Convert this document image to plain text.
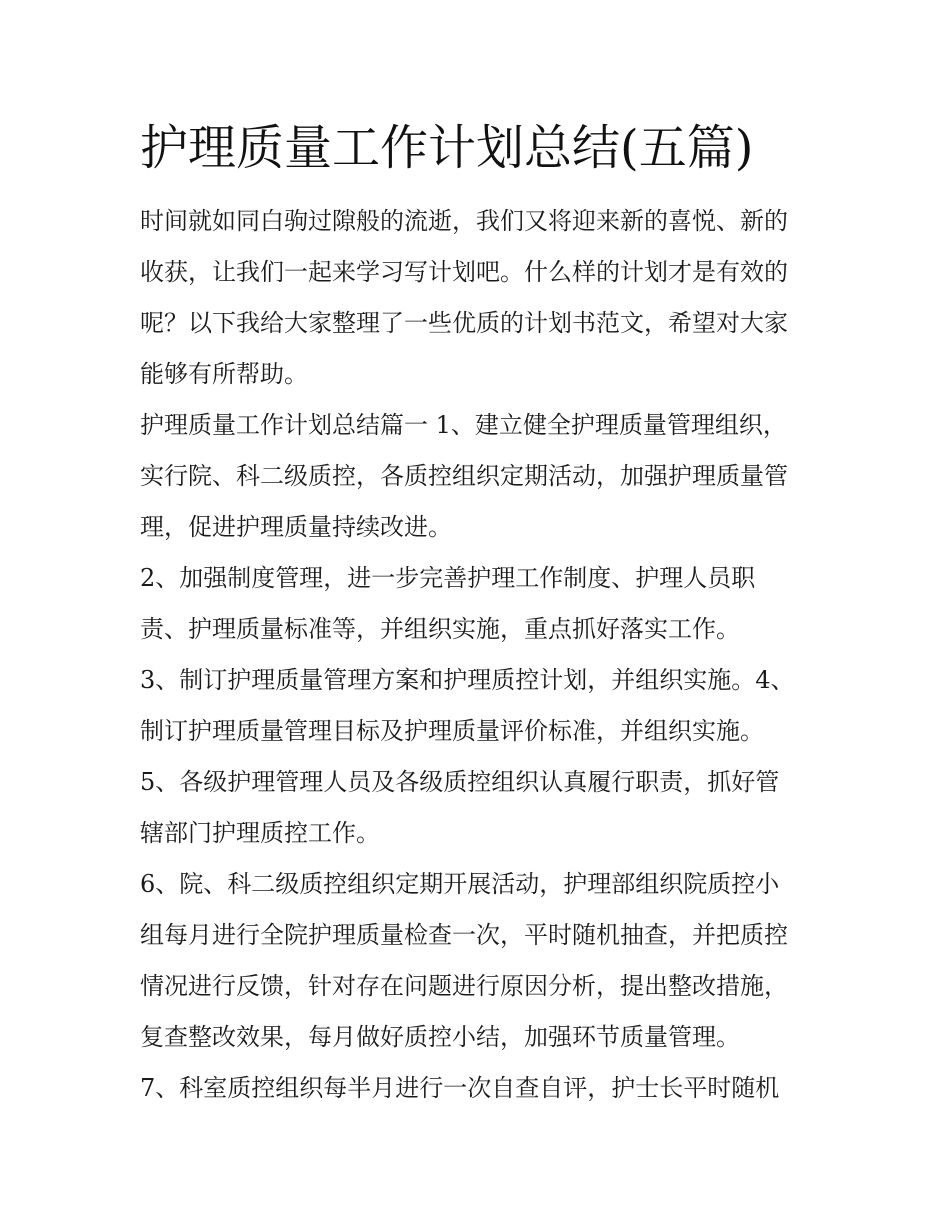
护理质量工作计划总结(五篇)
时间就如同白驹过隙般的流逝，我们又将迎来新的喜悦、新的
收获，让我们一起来学习写计划吧。什么样的计划才是有效的
呢？以下我给大家整理了一些优质的计划书范文，希望对大家
能够有所帮助。
护理质量工作计划总结篇一 1、建立健全护理质量管理组织，
实行院、科二级质控，各质控组织定期活动，加强护理质量管
理，促进护理质量持续改进。
2、加强制度管理，进一步完善护理工作制度、护理人员职
责、护理质量标准等，并组织实施，重点抓好落实工作。
3、制订护理质量管理方案和护理质控计划，并组织实施。4、
制订护理质量管理目标及护理质量评价标准，并组织实施。
5、各级护理管理人员及各级质控组织认真履行职责，抓好管
辖部门护理质控工作。
6、院、科二级质控组织定期开展活动，护理部组织院质控小
组每月进行全院护理质量检查一次，平时随机抽查，并把质控
情况进行反馈，针对存在问题进行原因分析，提出整改措施，
复查整改效果，每月做好质控小结，加强环节质量管理。
7、科室质控组织每半月进行一次自查自评，护士长平时随机
